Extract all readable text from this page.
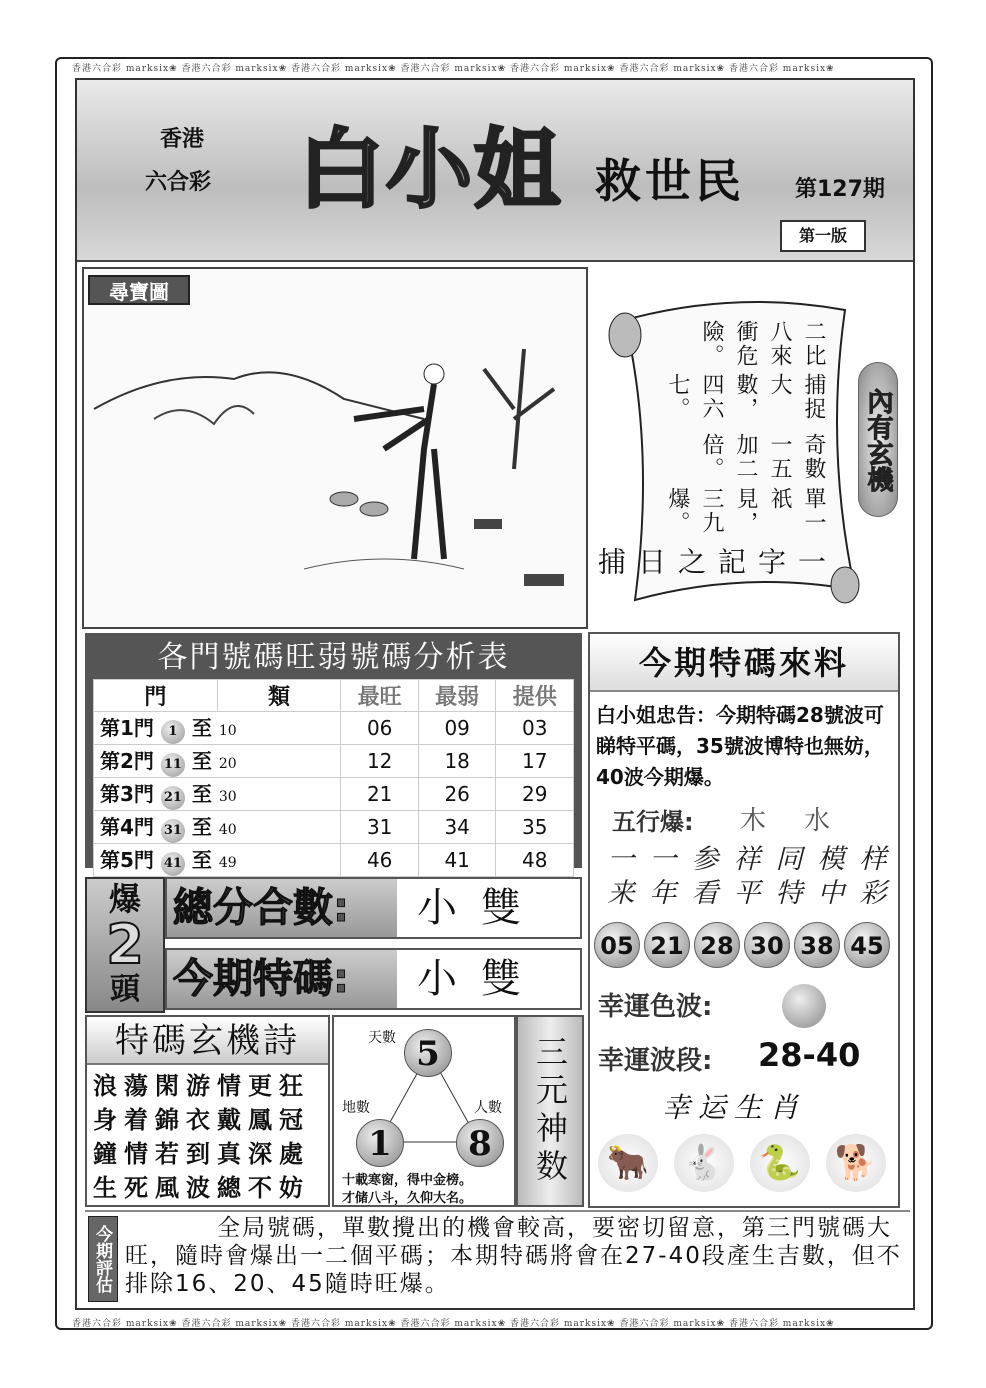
香港六合彩 marksix❀ 香港六合彩 marksix❀ 香港六合彩 marksix❀ 香港六合彩 marksix❀ 香港六合彩 marksix❀ 香港六合彩 marksix❀ 香港六合彩 marksix❀
香港六合彩 marksix❀ 香港六合彩 marksix❀ 香港六合彩 marksix❀ 香港六合彩 marksix❀ 香港六合彩 marksix❀ 香港六合彩 marksix❀ 香港六合彩 marksix❀
香港
六合彩 白小姐 救世民 第127期
第一版
尋寶圖
一字記之日 捕
單一祇見，三九爆。
奇數一五加二倍。
捕捉大數，四六七。
二比八來衝危險。
內有玄機
各門號碼旺弱號碼分析表
門	類	最旺	最弱	提供
第1門 1 至 10		06	09	03
第2門 11 至 20		12	18	17
第3門 21 至 30		21	26	29
第4門 31 至 40		31	34	35
第5門 41 至 49		46	41	48
今期特碼來料
白小姐忠告：今期特碼28號波可睇特平碼，35號波博特也無妨，40波今期爆。
五行爆: 木 水
一 一 参 祥 同 模 样
来 年 看 平 特 中 彩
05 21 28 30 38 45
幸運色波:
幸運波段: 28-40
幸运生肖
🐂 🐇 🐍 🐕
爆
2
頭
總分合數:	小雙
今期特碼:	小雙
特碼玄機詩
浪蕩閑游情更狂
身着錦衣戴鳳冠
鐘情若到真深處
生死風波總不妨
天數 5
地數
1
人數
8
十載寒窗，得中金榜。
才储八斗，久仰大名。
三元神数
今期評估	全局號碼，單數攪出的機會較高，要密切留意，第三門號碼大旺，隨時會爆出一二個平碼；本期特碼將會在27-40段產生吉數，但不排除16、20、45隨時旺爆。
